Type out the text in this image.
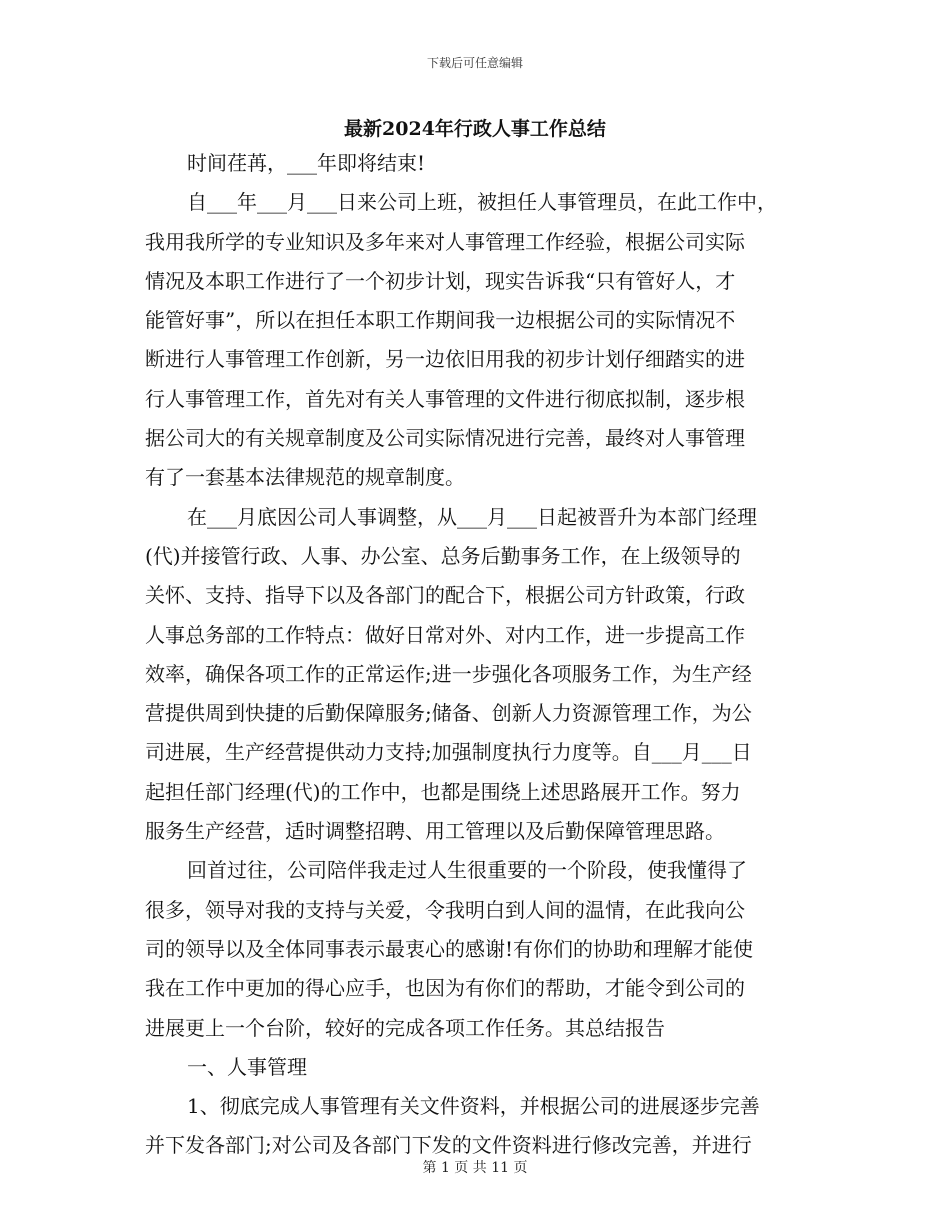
下载后可任意编辑
最新2024年行政人事工作总结
时间荏苒，___年即将结束!
自___年___月___日来公司上班，被担任人事管理员，在此工作中，
我用我所学的专业知识及多年来对人事管理工作经验，根据公司实际
情况及本职工作进行了一个初步计划，现实告诉我“只有管好人，才
能管好事”，所以在担任本职工作期间我一边根据公司的实际情况不
断进行人事管理工作创新，另一边依旧用我的初步计划仔细踏实的进
行人事管理工作，首先对有关人事管理的文件进行彻底拟制，逐步根
据公司大的有关规章制度及公司实际情况进行完善，最终对人事管理
有了一套基本法律规范的规章制度。
在___月底因公司人事调整，从___月___日起被晋升为本部门经理
(代)并接管行政、人事、办公室、总务后勤事务工作，在上级领导的
关怀、支持、指导下以及各部门的配合下，根据公司方针政策，行政
人事总务部的工作特点：做好日常对外、对内工作，进一步提高工作
效率，确保各项工作的正常运作;进一步强化各项服务工作，为生产经
营提供周到快捷的后勤保障服务;储备、创新人力资源管理工作，为公
司进展，生产经营提供动力支持;加强制度执行力度等。自___月___日
起担任部门经理(代)的工作中，也都是围绕上述思路展开工作。努力
服务生产经营，适时调整招聘、用工管理以及后勤保障管理思路。
回首过往，公司陪伴我走过人生很重要的一个阶段，使我懂得了
很多，领导对我的支持与关爱，令我明白到人间的温情，在此我向公
司的领导以及全体同事表示最衷心的感谢!有你们的协助和理解才能使
我在工作中更加的得心应手，也因为有你们的帮助，才能令到公司的
进展更上一个台阶，较好的完成各项工作任务。其总结报告
一、人事管理
1、彻底完成人事管理有关文件资料，并根据公司的进展逐步完善
并下发各部门;对公司及各部门下发的文件资料进行修改完善，并进行
第 1 页 共 11 页
